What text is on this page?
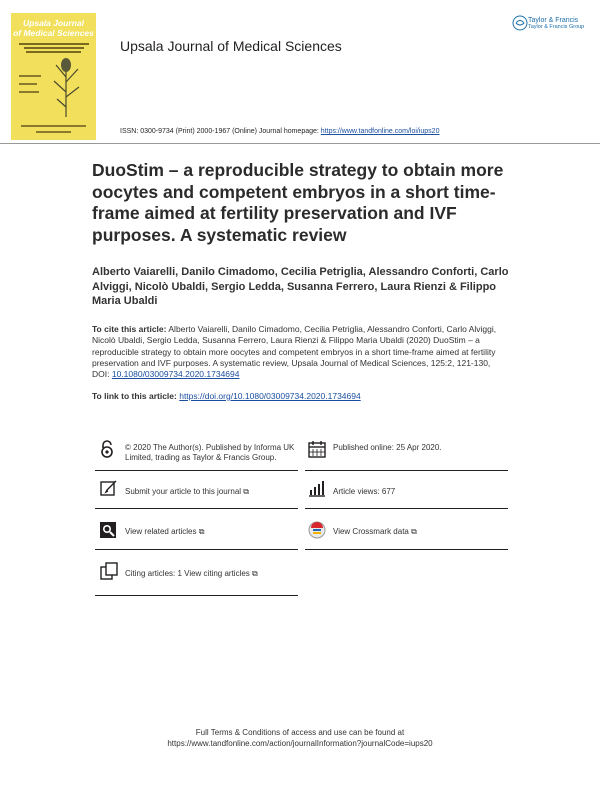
Upsala Journal
of Medical Sciences
Upsala Journal of Medical Sciences
Taylor & Francis
Taylor & Francis Group
ISSN: 0300-9734 (Print) 2000-1967 (Online) Journal homepage: https://www.tandfonline.com/loi/iups20
DuoStim – a reproducible strategy to obtain more oocytes and competent embryos in a short time-frame aimed at fertility preservation and IVF purposes. A systematic review
Alberto Vaiarelli, Danilo Cimadomo, Cecilia Petriglia, Alessandro Conforti, Carlo Alviggi, Nicolò Ubaldi, Sergio Ledda, Susanna Ferrero, Laura Rienzi & Filippo Maria Ubaldi
To cite this article: Alberto Vaiarelli, Danilo Cimadomo, Cecilia Petriglia, Alessandro Conforti, Carlo Alviggi, Nicolò Ubaldi, Sergio Ledda, Susanna Ferrero, Laura Rienzi & Filippo Maria Ubaldi (2020) DuoStim – a reproducible strategy to obtain more oocytes and competent embryos in a short time-frame aimed at fertility preservation and IVF purposes. A systematic review, Upsala Journal of Medical Sciences, 125:2, 121-130, DOI: 10.1080/03009734.2020.1734694
To link to this article: https://doi.org/10.1080/03009734.2020.1734694
© 2020 The Author(s). Published by Informa UK Limited, trading as Taylor & Francis Group.
Published online: 25 Apr 2020.
Submit your article to this journal ⧉	Article views: 677
View related articles ⧉	View Crossmark data ⧉
Citing articles: 1 View citing articles ⧉
Full Terms & Conditions of access and use can be found at
https://www.tandfonline.com/action/journalInformation?journalCode=iups20
